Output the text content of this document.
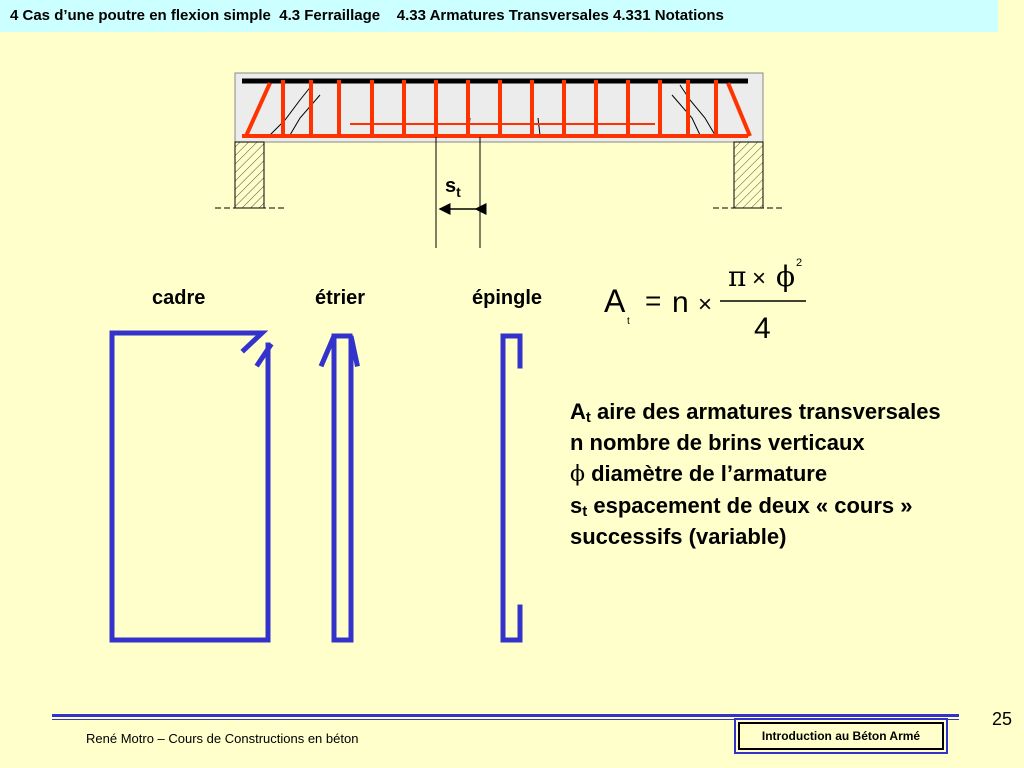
4 Cas d’une poutre en flexion simple  4.3 Ferraillage    4.33 Armatures Transversales 4.331 Notations
$s_t$
cadre	étrier	épingle A
t
= n ×
π × ϕ 2
4
$A_t$ aire des armatures transversales
n nombre de brins verticaux
ϕ diamètre de l’armature
$s_t$ espacement de deux « cours »
successifs (variable)
25
René Motro – Cours de Constructions en béton	Introduction au Béton Armé
